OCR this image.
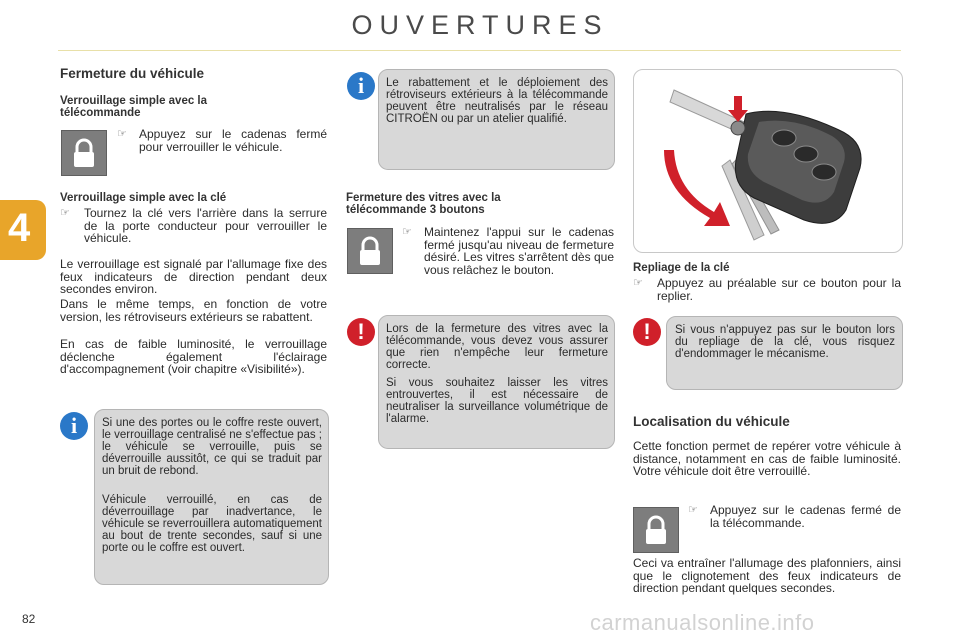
OUVERTURES
4
Fermeture du véhicule
Verrouillage simple avec la télécommande
☞ Appuyez sur le cadenas fermé pour verrouiller le véhicule.
Verrouillage simple avec la clé
☞ Tournez la clé vers l'arrière dans la serrure de la porte conducteur pour verrouiller le véhicule.

Le verrouillage est signalé par l'allumage fixe des feux indicateurs de direction pendant deux secondes environ.

Dans le même temps, en fonction de votre version, les rétroviseurs extérieurs se rabattent.

En cas de faible luminosité, le verrouillage déclenche également l'éclairage d'accompagnement (voir chapitre «Visibilité»).

i	Si une des portes ou le coffre reste ouvert, le verrouillage centralisé ne s'effectue pas ; le véhicule se verrouille, puis se déverrouille aussitôt, ce qui se traduit par un bruit de rebond.

Véhicule verrouillé, en cas de déverrouillage par inadvertance, le véhicule se reverrouillera automatiquement au bout de trente secondes, sauf si une porte ou le coffre est ouvert.

i	Le rabattement et le déploiement des rétroviseurs extérieurs à la télécommande peuvent être neutralisés par le réseau CITROËN ou par un atelier qualifié.

Fermeture des vitres avec la télécommande 3 boutons
☞ Maintenez l'appui sur le cadenas fermé jusqu'au niveau de fermeture désiré. Les vitres s'arrêtent dès que vous relâchez le bouton.
!	Lors de la fermeture des vitres avec la télécommande, vous devez vous assurer que rien n'empêche leur fermeture correcte.

Si vous souhaitez laisser les vitres entrouvertes, il est nécessaire de neutraliser la surveillance volumétrique de l'alarme.

Repliage de la clé
☞ Appuyez au préalable sur ce bouton pour la replier.
!	Si vous n'appuyez pas sur le bouton lors du repliage de la clé, vous risquez d'endommager le mécanisme.

Localisation du véhicule

Cette fonction permet de repérer votre véhicule à distance, notamment en cas de faible luminosité. Votre véhicule doit être verrouillé.

☞ Appuyez sur le cadenas fermé de la télécommande.

Ceci va entraîner l'allumage des plafonniers, ainsi que le clignotement des feux indicateurs de direction pendant quelques secondes.

82	carmanualsonline.info
